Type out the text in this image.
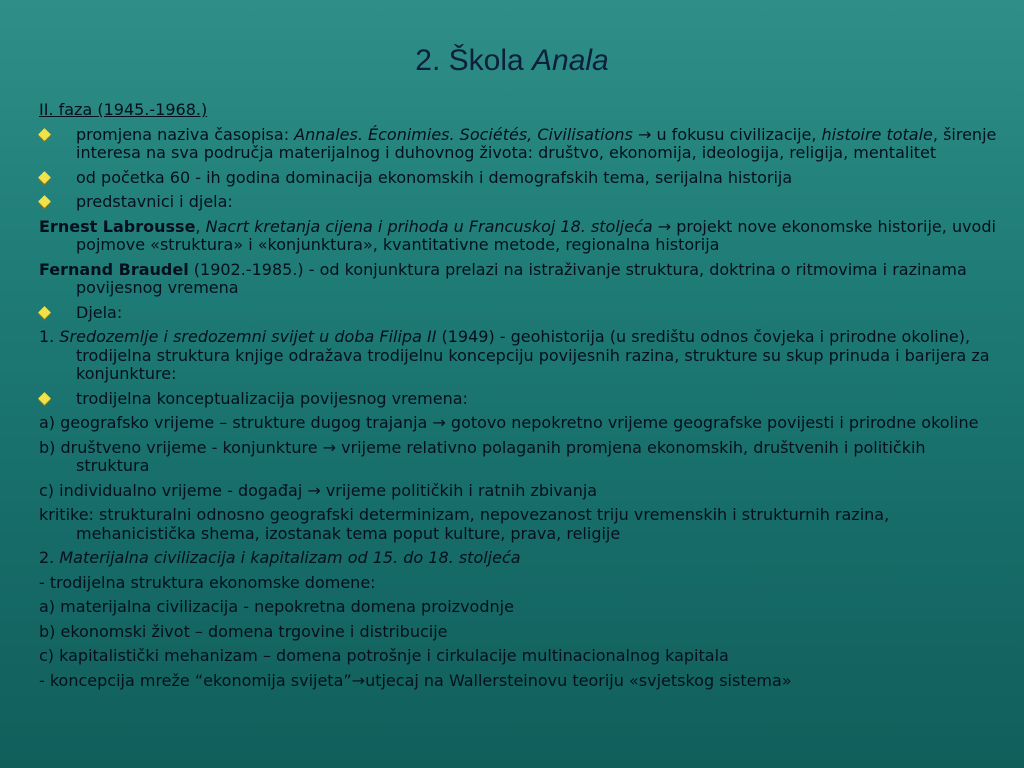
2. Škola Anala
II. faza (1945.-1968.)
promjena naziva časopisa: Annales. Éconimies. Sociétés, Civilisations → u fokusu civilizacije, histoire totale, širenje interesa na sva područja materijalnog i duhovnog života: društvo, ekonomija, ideologija, religija, mentalitet
od početka 60 - ih godina dominacija ekonomskih i demografskih tema, serijalna historija
predstavnici i djela:
Ernest Labrousse, Nacrt kretanja cijena i prihoda u Francuskoj 18. stoljeća → projekt nove ekonomske historije, uvodi pojmove «struktura» i «konjunktura», kvantitativne metode, regionalna historija
Fernand Braudel (1902.-1985.) - od konjunktura prelazi na istraživanje struktura, doktrina o ritmovima i razinama povijesnog vremena
Djela:
1. Sredozemlje i sredozemni svijet u doba Filipa II (1949) - geohistorija (u središtu odnos čovjeka i prirodne okoline), trodijelna struktura knjige odražava trodijelnu koncepciju povijesnih razina, strukture su skup prinuda i barijera za konjunkture:
trodijelna konceptualizacija povijesnog vremena:
a) geografsko vrijeme – strukture dugog trajanja → gotovo nepokretno vrijeme geografske povijesti i prirodne okoline
b) društveno vrijeme - konjunkture → vrijeme relativno polaganih promjena ekonomskih, društvenih i političkih struktura
c) individualno vrijeme - događaj → vrijeme političkih i ratnih zbivanja
kritike: strukturalni odnosno geografski determinizam, nepovezanost triju vremenskih i strukturnih razina, mehanicistička shema, izostanak tema poput kulture, prava, religije
2. Materijalna civilizacija i kapitalizam od 15. do 18. stoljeća
- trodijelna struktura ekonomske domene:
a) materijalna civilizacija - nepokretna domena proizvodnje
b) ekonomski život – domena trgovine i distribucije
c) kapitalistički mehanizam – domena potrošnje i cirkulacije multinacionalnog kapitala
- koncepcija mreže “ekonomija svijeta”→utjecaj na Wallersteinovu teoriju «svjetskog sistema»
